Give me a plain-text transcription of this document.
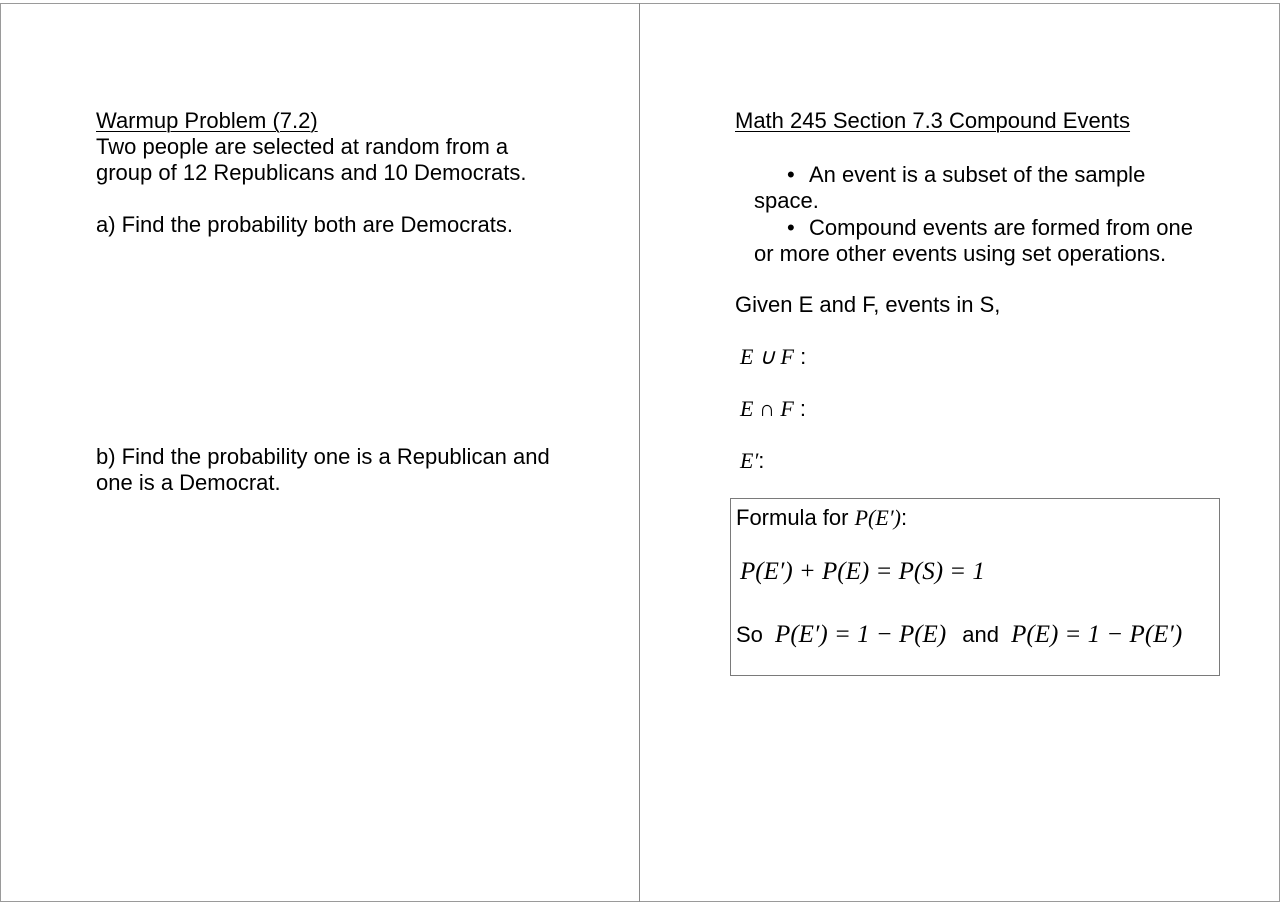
Warmup Problem (7.2)

Two people are selected at random from a

group of 12 Republicans and 10 Democrats.

a) Find the probability both are Democrats.

b) Find the probability one is a Republican and

one is a Democrat.

Math 245 Section 7.3 Compound Events

• An event is a subset of the sample

space.

• Compound events are formed from one

or more other events using set operations.

Given E and F, events in S,

E ∪ F :

E ∩ F :

E′:

Formula for P(E′):

P(E′) + P(E) = P(S) = 1

So P(E′) = 1 − P(E) and P(E) = 1 − P(E′)
